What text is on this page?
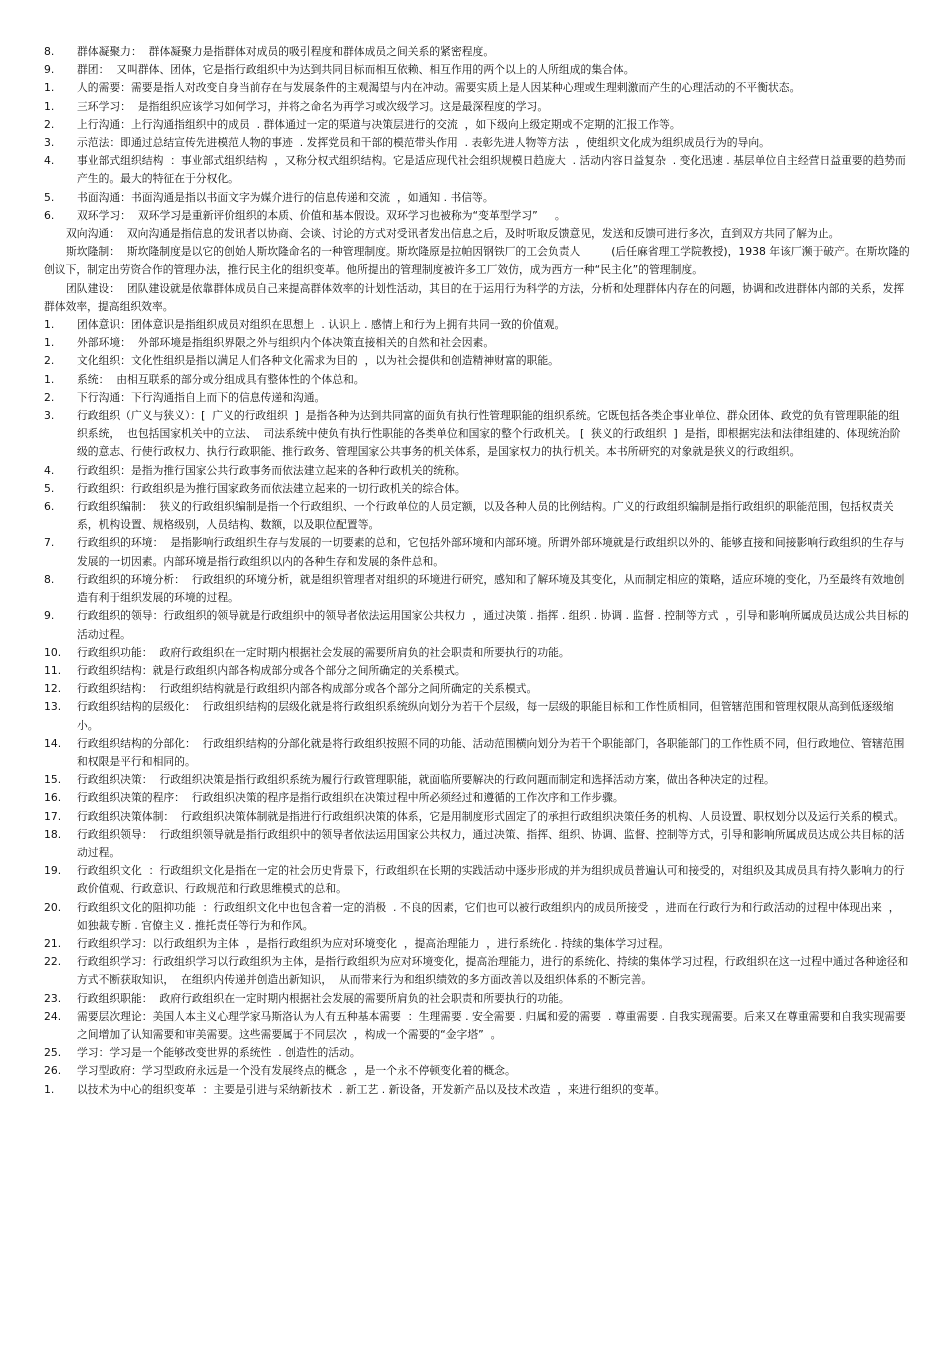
8.	群体凝聚力：  群体凝聚力是指群体对成员的吸引程度和群体成员之间关系的紧密程度。
9.	群团：  又叫群体、团体，它是指行政组织中为达到共同目标而相互依赖、相互作用的两个以上的人所组成的集合体。
1.	人的需要：需要是指人对改变自身当前存在与发展条件的主观渴望与内在冲动。需要实质上是人因某种心理或生理剌激而产生的心理活动的不平衡状态。
1.	三环学习：  是指组织应该学习如何学习，并将之命名为再学习或次级学习。这是最深程度的学习。
2.	上行沟通：上行沟通指组织中的成员  . 群体通过一定的渠道与决策层进行的交流  ，如下级向上级定期或不定期的汇报工作等。
3.	示范法：即通过总结宣传先进模范人物的事迹  . 发挥党员和干部的模范带头作用  . 表彰先进人物等方法  ，使组织文化成为组织成员行为的导向。
4.	事业部式组织结构  ：事业部式组织结构  ，又称分权式组织结构。它是适应现代社会组织规模日趋庞大  . 活动内容日益复杂  . 变化迅速 . 基层单位自主经营日益重要的趋势而产生的。最大的特征在于分权化。
5.	书面沟通：书面沟通是指以书面文字为媒介进行的信息传递和交流  ，如通知 . 书信等。
6.	双环学习：  双环学习是重新评价组织的本质、价值和基本假设。双环学习也被称为“变革型学习”     。
双向沟通：  双向沟通是指信息的发讯者以协商、会谈、讨论的方式对受讯者发出信息之后，及时听取反馈意见，发送和反馈可进行多次，直到双方共同了解为止。
斯坎隆制：  斯坎隆制度是以它的创始人斯坎隆命名的一种管理制度。斯坎隆原是拉帕因钢铁厂的工会负责人         (后任麻省理工学院教授)，1938 年该厂濒于破产。在斯坎隆的创议下，制定出劳资合作的管理办法，推行民主化的组织变革。他所提出的管理制度被许多工厂效仿，成为西方一种“民主化”的管理制度。
团队建设：  团队建设就是依靠群体成员自己来提高群体效率的计划性活动，其目的在于运用行为科学的方法，分析和处理群体内存在的问题，协调和改进群体内部的关系，发挥群体效率，提高组织效率。
1.	团体意识：团体意识是指组织成员对组织在思想上  . 认识上 . 感情上和行为上拥有共同一致的价值观。
1.	外部环境：  外部环境是指组织界限之外与组织内个体决策直接相关的自然和社会因素。
2.	文化组织：文化性组织是指以满足人们各种文化需求为目的  ，以为社会提供和创造精神财富的职能。
1.	系统：  由相互联系的部分或分组成具有整体性的个体总和。
2.	下行沟通：下行沟通指自上而下的信息传递和沟通。
3.	行政组织（广义与狭义）：[  广义的行政组织  ]  是指各种为达到共同富的面负有执行性管理职能的组织系统。它既包括各类企事业单位、群众团体、政党的负有管理职能的组织系统，  也包括国家机关中的立法、  司法系统中使负有执行性职能的各类单位和国家的整个行政机关。 [  狭义的行政组织  ]  是指，即根据宪法和法律组建的、体现统治阶级的意志、行使行政权力、执行行政职能、推行政务、管理国家公共事务的机关体系，是国家权力的执行机关。本书所研究的对象就是狭义的行政组织。
4.	行政组织：是指为推行国家公共行政事务而依法建立起来的各种行政机关的统称。
5.	行政组织：行政组织是为推行国家政务而依法建立起来的一切行政机关的综合体。
6.	行政组织编制：  狭义的行政组织编制是指一个行政组织、一个行政单位的人员定额，以及各种人员的比例结构。广义的行政组织编制是指行政组织的职能范围，包括权责关系，机构设置、规格级别，人员结构、数额，以及职位配置等。
7.	行政组织的环境：  是指影响行政组织生存与发展的一切要素的总和，它包括外部环境和内部环境。所谓外部环境就是行政组织以外的、能够直接和间接影响行政组织的生存与发展的一切因素。内部环境是指行政组织以内的各种生存和发展的条件总和。
8.	行政组织的环境分析：  行政组织的环境分析，就是组织管理者对组织的环境进行研究，感知和了解环境及其变化，从而制定相应的策略，适应环境的变化，乃至最终有效地创造有利于组织发展的环境的过程。
9.	行政组织的领导：行政组织的领导就是行政组织中的领导者依法运用国家公共权力  ，通过决策 . 指挥 . 组织 . 协调 . 监督 . 控制等方式  ，引导和影响所属成员达成公共目标的活动过程。
10.	行政组织功能：  政府行政组织在一定时期内根据社会发展的需要所肩负的社会职责和所要执行的功能。
11.	行政组织结构：就是行政组织内部各构成部分或各个部分之间所确定的关系模式。
12.	行政组织结构：  行政组织结构就是行政组织内部各构成部分或各个部分之间所确定的关系模式。
13.	行政组织结构的层级化：  行政组织结构的层级化就是将行政组织系统纵向划分为若干个层级，每一层级的职能目标和工作性质相同，但管辖范围和管理权限从高到低逐级缩小。
14.	行政组织结构的分部化：  行政组织结构的分部化就是将行政组织按照不同的功能、活动范围横向划分为若干个职能部门，各职能部门的工作性质不同，但行政地位、管辖范围和权限是平行和相同的。
15.	行政组织决策：  行政组织决策是指行政组织系统为履行行政管理职能，就面临所要解决的行政问题而制定和选择活动方案，做出各种决定的过程。
16.	行政组织决策的程序：  行政组织决策的程序是指行政组织在决策过程中所必须经过和遵循的工作次序和工作步骤。
17.	行政组织决策体制：  行政组织决策体制就是指进行行政组织决策的体系，它是用制度形式固定了的承担行政组织决策任务的机构、人员设置、职权划分以及运行关系的模式。
18.	行政组织领导：  行政组织领导就是指行政组织中的领导者依法运用国家公共权力，通过决策、指挥、组织、协调、监督、控制等方式，引导和影响所属成员达成公共目标的活动过程。
19.	行政组织文化  ：行政组织文化是指在一定的社会历史背景下，行政组织在长期的实践活动中逐步形成的并为组织成员普遍认可和接受的，对组织及其成员具有持久影响力的行政价值观、行政意识、行政规范和行政思维模式的总和。
20.	行政组织文化的阻抑功能  ：行政组织文化中也包含着一定的消极  . 不良的因素，它们也可以被行政组织内的成员所接受  ，进而在行政行为和行政活动的过程中体现出来  ，如独裁专断 . 官僚主义 . 推托责任等行为和作风。
21.	行政组织学习：以行政组织为主体  ，是指行政组织为应对环境变化  ，提高治理能力  ，进行系统化 . 持续的集体学习过程。
22.	行政组织学习：行政组织学习以行政组织为主体，是指行政组织为应对环境变化，提高治理能力，进行的系统化、持续的集体学习过程，行政组织在这一过程中通过各种途径和方式不断获取知识，  在组织内传递并创造出新知识，  从而带来行为和组织绩效的多方面改善以及组织体系的不断完善。
23.	行政组织职能：  政府行政组织在一定时期内根据社会发展的需要所肩负的社会职责和所要执行的功能。
24.	需要层次理论：美国人本主义心理学家马斯洛认为人有五种基本需要  ：生理需要 . 安全需要 . 归属和爱的需要  . 尊重需要 . 自我实现需要。后来又在尊重需要和自我实现需要之间增加了认知需要和审美需要。这些需要属于不同层次  ，构成一个需要的“金字塔”  。
25.	学习：学习是一个能够改变世界的系统性  . 创造性的活动。
26.	学习型政府：学习型政府永远是一个没有发展终点的概念  ，是一个永不停顿变化着的概念。
1.	以技术为中心的组织变革  ：主要是引进与采纳新技术  . 新工艺 . 新设备，开发新产品以及技术改造  ，来进行组织的变革。
